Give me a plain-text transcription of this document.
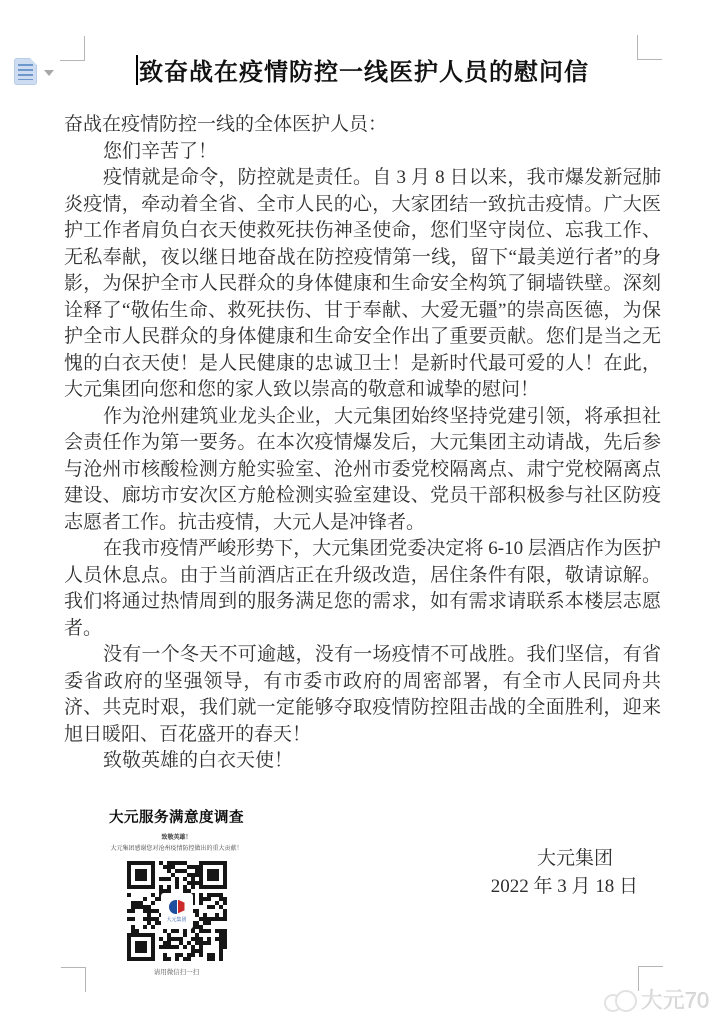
致奋战在疫情防控一线医护人员的慰问信

奋战在疫情防控一线的全体医护人员：

您们辛苦了！

疫情就是命令，防控就是责任。自 3 月 8 日以来，我市爆发新冠肺炎疫情，牵动着全省、全市人民的心，大家团结一致抗击疫情。广大医护工作者肩负白衣天使救死扶伤神圣使命，您们坚守岗位、忘我工作、无私奉献，夜以继日地奋战在防控疫情第一线，留下“最美逆行者”的身影，为保护全市人民群众的身体健康和生命安全构筑了铜墙铁壁。深刻诠释了“敬佑生命、救死扶伤、甘于奉献、大爱无疆”的崇高医德，为保护全市人民群众的身体健康和生命安全作出了重要贡献。您们是当之无愧的白衣天使！是人民健康的忠诚卫士！是新时代最可爱的人！在此，大元集团向您和您的家人致以崇高的敬意和诚挚的慰问！

作为沧州建筑业龙头企业，大元集团始终坚持党建引领，将承担社会责任作为第一要务。在本次疫情爆发后，大元集团主动请战，先后参与沧州市核酸检测方舱实验室、沧州市委党校隔离点、肃宁党校隔离点建设、廊坊市安次区方舱检测实验室建设、党员干部积极参与社区防疫志愿者工作。抗击疫情，大元人是冲锋者。

在我市疫情严峻形势下，大元集团党委决定将 6-10 层酒店作为医护人员休息点。由于当前酒店正在升级改造，居住条件有限，敬请谅解。我们将通过热情周到的服务满足您的需求，如有需求请联系本楼层志愿者。

没有一个冬天不可逾越，没有一场疫情不可战胜。我们坚信，有省委省政府的坚强领导，有市委市政府的周密部署，有全市人民同舟共济、共克时艰，我们就一定能够夺取疫情防控阻击战的全面胜利，迎来旭日暖阳、百花盛开的春天！

致敬英雄的白衣天使！

大元服务满意度调查
致敬英雄！
大元集团感谢您对沧州疫情防控做出的重大贡献！
大元集团
请用微信扫一扫
大元集团
2022 年 3 月 18 日
大元70
